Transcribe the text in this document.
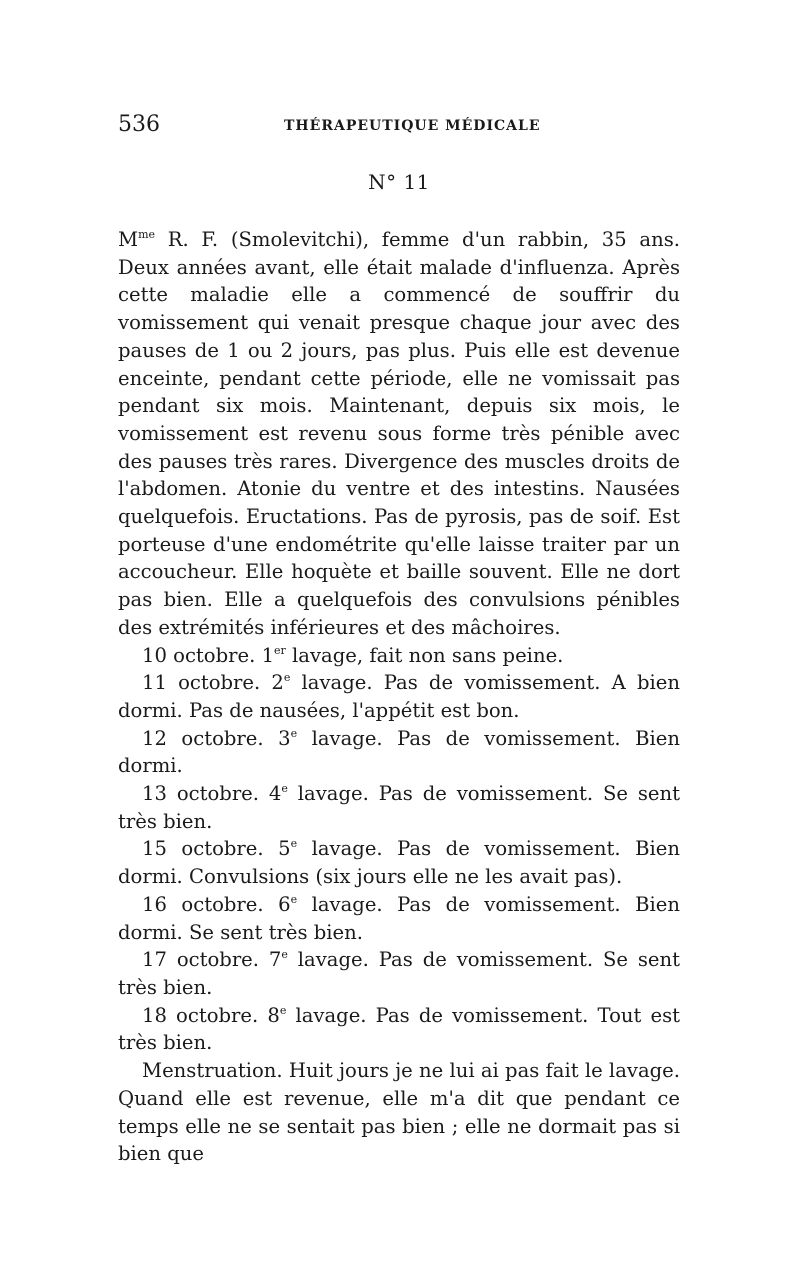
536	THÉRAPEUTIQUE MÉDICALE
N° 11

$M^{me}$ R. F. (Smolevitchi), femme d'un rabbin, 35 ans. Deux années avant, elle était malade d'influenza. Après cette maladie elle a commencé de souffrir du vomissement qui venait presque chaque jour avec des pauses de 1 ou 2 jours, pas plus. Puis elle est devenue enceinte, pendant cette période, elle ne vomissait pas pendant six mois. Maintenant, depuis six mois, le vomissement est revenu sous forme très pénible avec des pauses très rares. Divergence des muscles droits de l'abdomen. Atonie du ventre et des intestins. Nausées quelquefois. Eructations. Pas de pyrosis, pas de soif. Est porteuse d'une endométrite qu'elle laisse traiter par un accoucheur. Elle hoquète et baille souvent. Elle ne dort pas bien. Elle a quelquefois des convulsions pénibles des extrémités inférieures et des mâchoires.

10 octobre. 1er lavage, fait non sans peine.

11 octobre. 2e lavage. Pas de vomissement. A bien dormi. Pas de nausées, l'appétit est bon.

12 octobre. 3e lavage. Pas de vomissement. Bien dormi.

13 octobre. 4e lavage. Pas de vomissement. Se sent très bien.

15 octobre. 5e lavage. Pas de vomissement. Bien dormi. Convulsions (six jours elle ne les avait pas).

16 octobre. 6e lavage. Pas de vomissement. Bien dormi. Se sent très bien.

17 octobre. 7e lavage. Pas de vomissement. Se sent très bien.

18 octobre. 8e lavage. Pas de vomissement. Tout est très bien.

Menstruation. Huit jours je ne lui ai pas fait le lavage. Quand elle est revenue, elle m'a dit que pendant ce temps elle ne se sentait pas bien ; elle ne dormait pas si bien que
